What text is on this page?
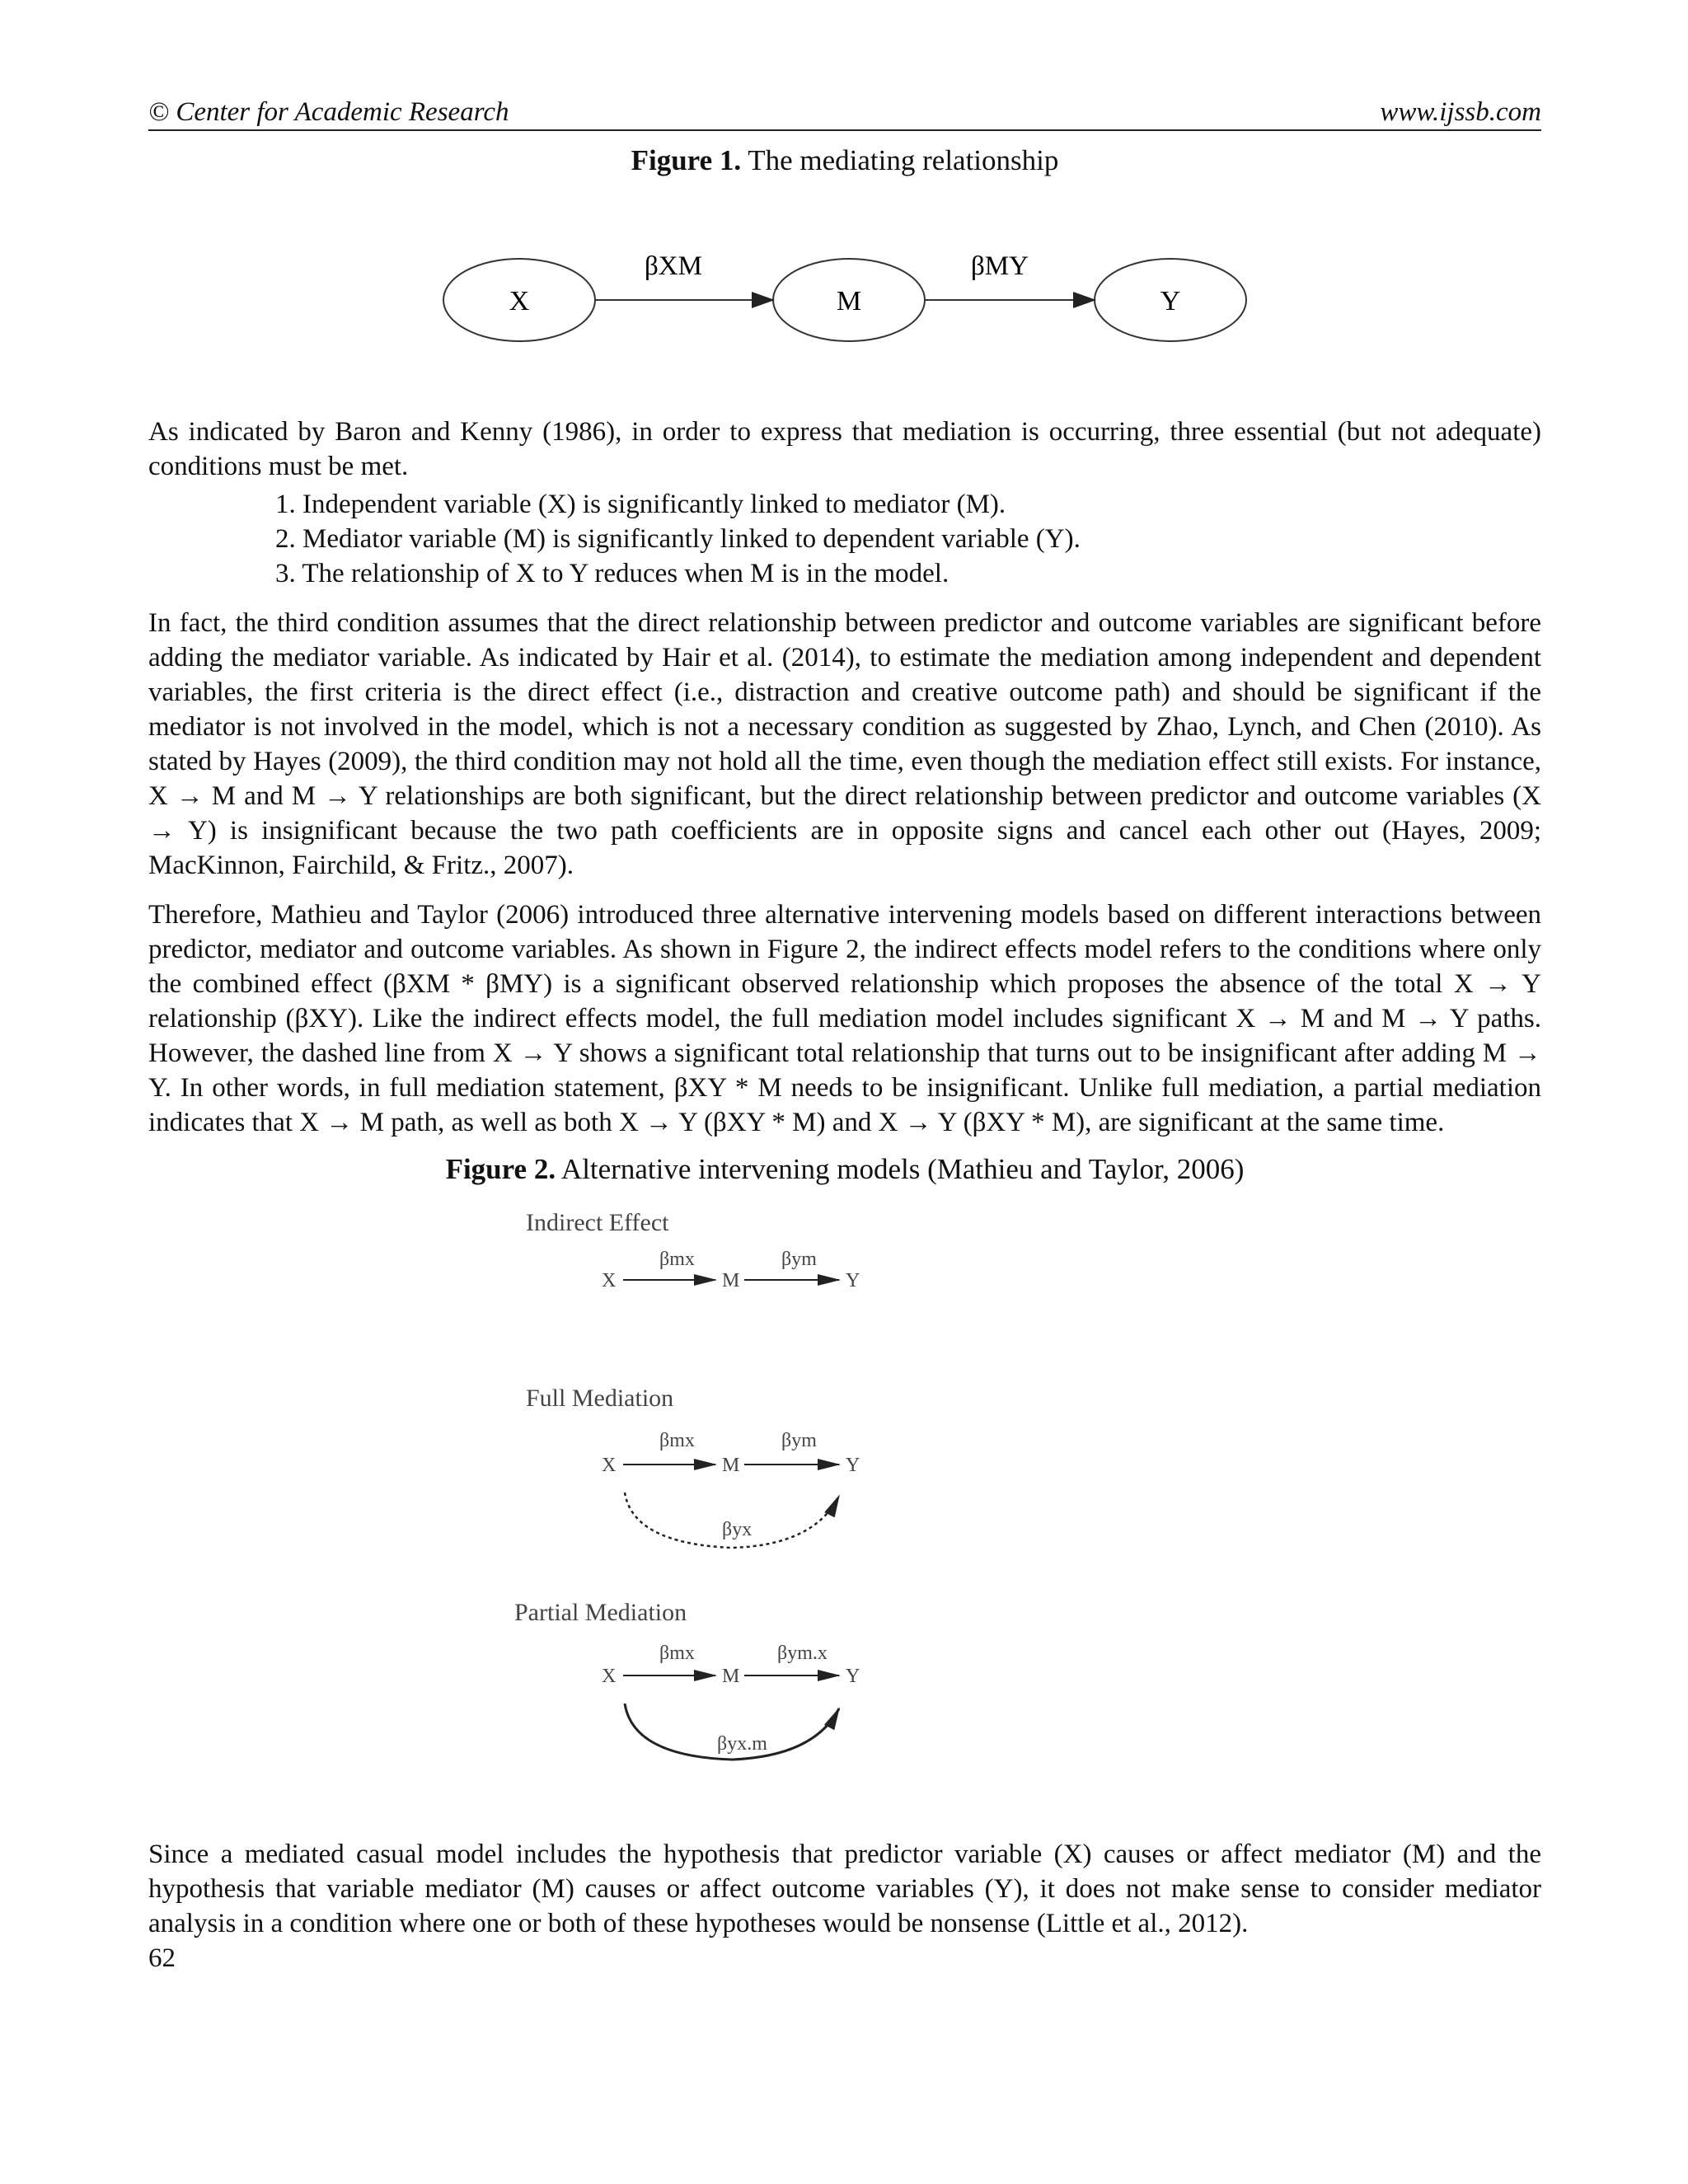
© Center for Academic Research	www.ijssb.com
Figure 1. The mediating relationship
X	M	Y
βXM	βMY

As indicated by Baron and Kenny (1986), in order to express that mediation is occurring, three essential (but not adequate) conditions must be met.

1. Independent variable (X) is significantly linked to mediator (M).
2. Mediator variable (M) is significantly linked to dependent variable (Y).
3. The relationship of X to Y reduces when M is in the model.

In fact, the third condition assumes that the direct relationship between predictor and outcome variables are significant before adding the mediator variable. As indicated by Hair et al. (2014), to estimate the mediation among independent and dependent variables, the first criteria is the direct effect (i.e., distraction and creative outcome path) and should be significant if the mediator is not involved in the model, which is not a necessary condition as suggested by Zhao, Lynch, and Chen (2010). As stated by Hayes (2009), the third condition may not hold all the time, even though the mediation effect still exists. For instance, X → M and M → Y relationships are both significant, but the direct relationship between predictor and outcome variables (X → Y) is insignificant because the two path coefficients are in opposite signs and cancel each other out (Hayes, 2009; MacKinnon, Fairchild, & Fritz., 2007).

Therefore, Mathieu and Taylor (2006) introduced three alternative intervening models based on different interactions between predictor, mediator and outcome variables. As shown in Figure 2, the indirect effects model refers to the conditions where only the combined effect (βXM * βMY) is a significant observed relationship which proposes the absence of the total X → Y relationship (βXY). Like the indirect effects model, the full mediation model includes significant X → M and M → Y paths. However, the dashed line from X → Y shows a significant total relationship that turns out to be insignificant after adding M → Y. In other words, in full mediation statement, βXY * M needs to be insignificant. Unlike full mediation, a partial mediation indicates that X → M path, as well as both X → Y (βXY * M) and X → Y (βXY * M), are significant at the same time.

Figure 2. Alternative intervening models (Mathieu and Taylor, 2006)
Indirect Effect
βmx	βym
X	M	Y
Full Mediation
βmx	βym
X	M	Y
βyx
Partial Mediation
βmx	βym.x
X	M	Y
βyx.m

Since a mediated casual model includes the hypothesis that predictor variable (X) causes or affect mediator (M) and the hypothesis that variable mediator (M) causes or affect outcome variables (Y), it does not make sense to consider mediator analysis in a condition where one or both of these hypotheses would be nonsense (Little et al., 2012).

62
